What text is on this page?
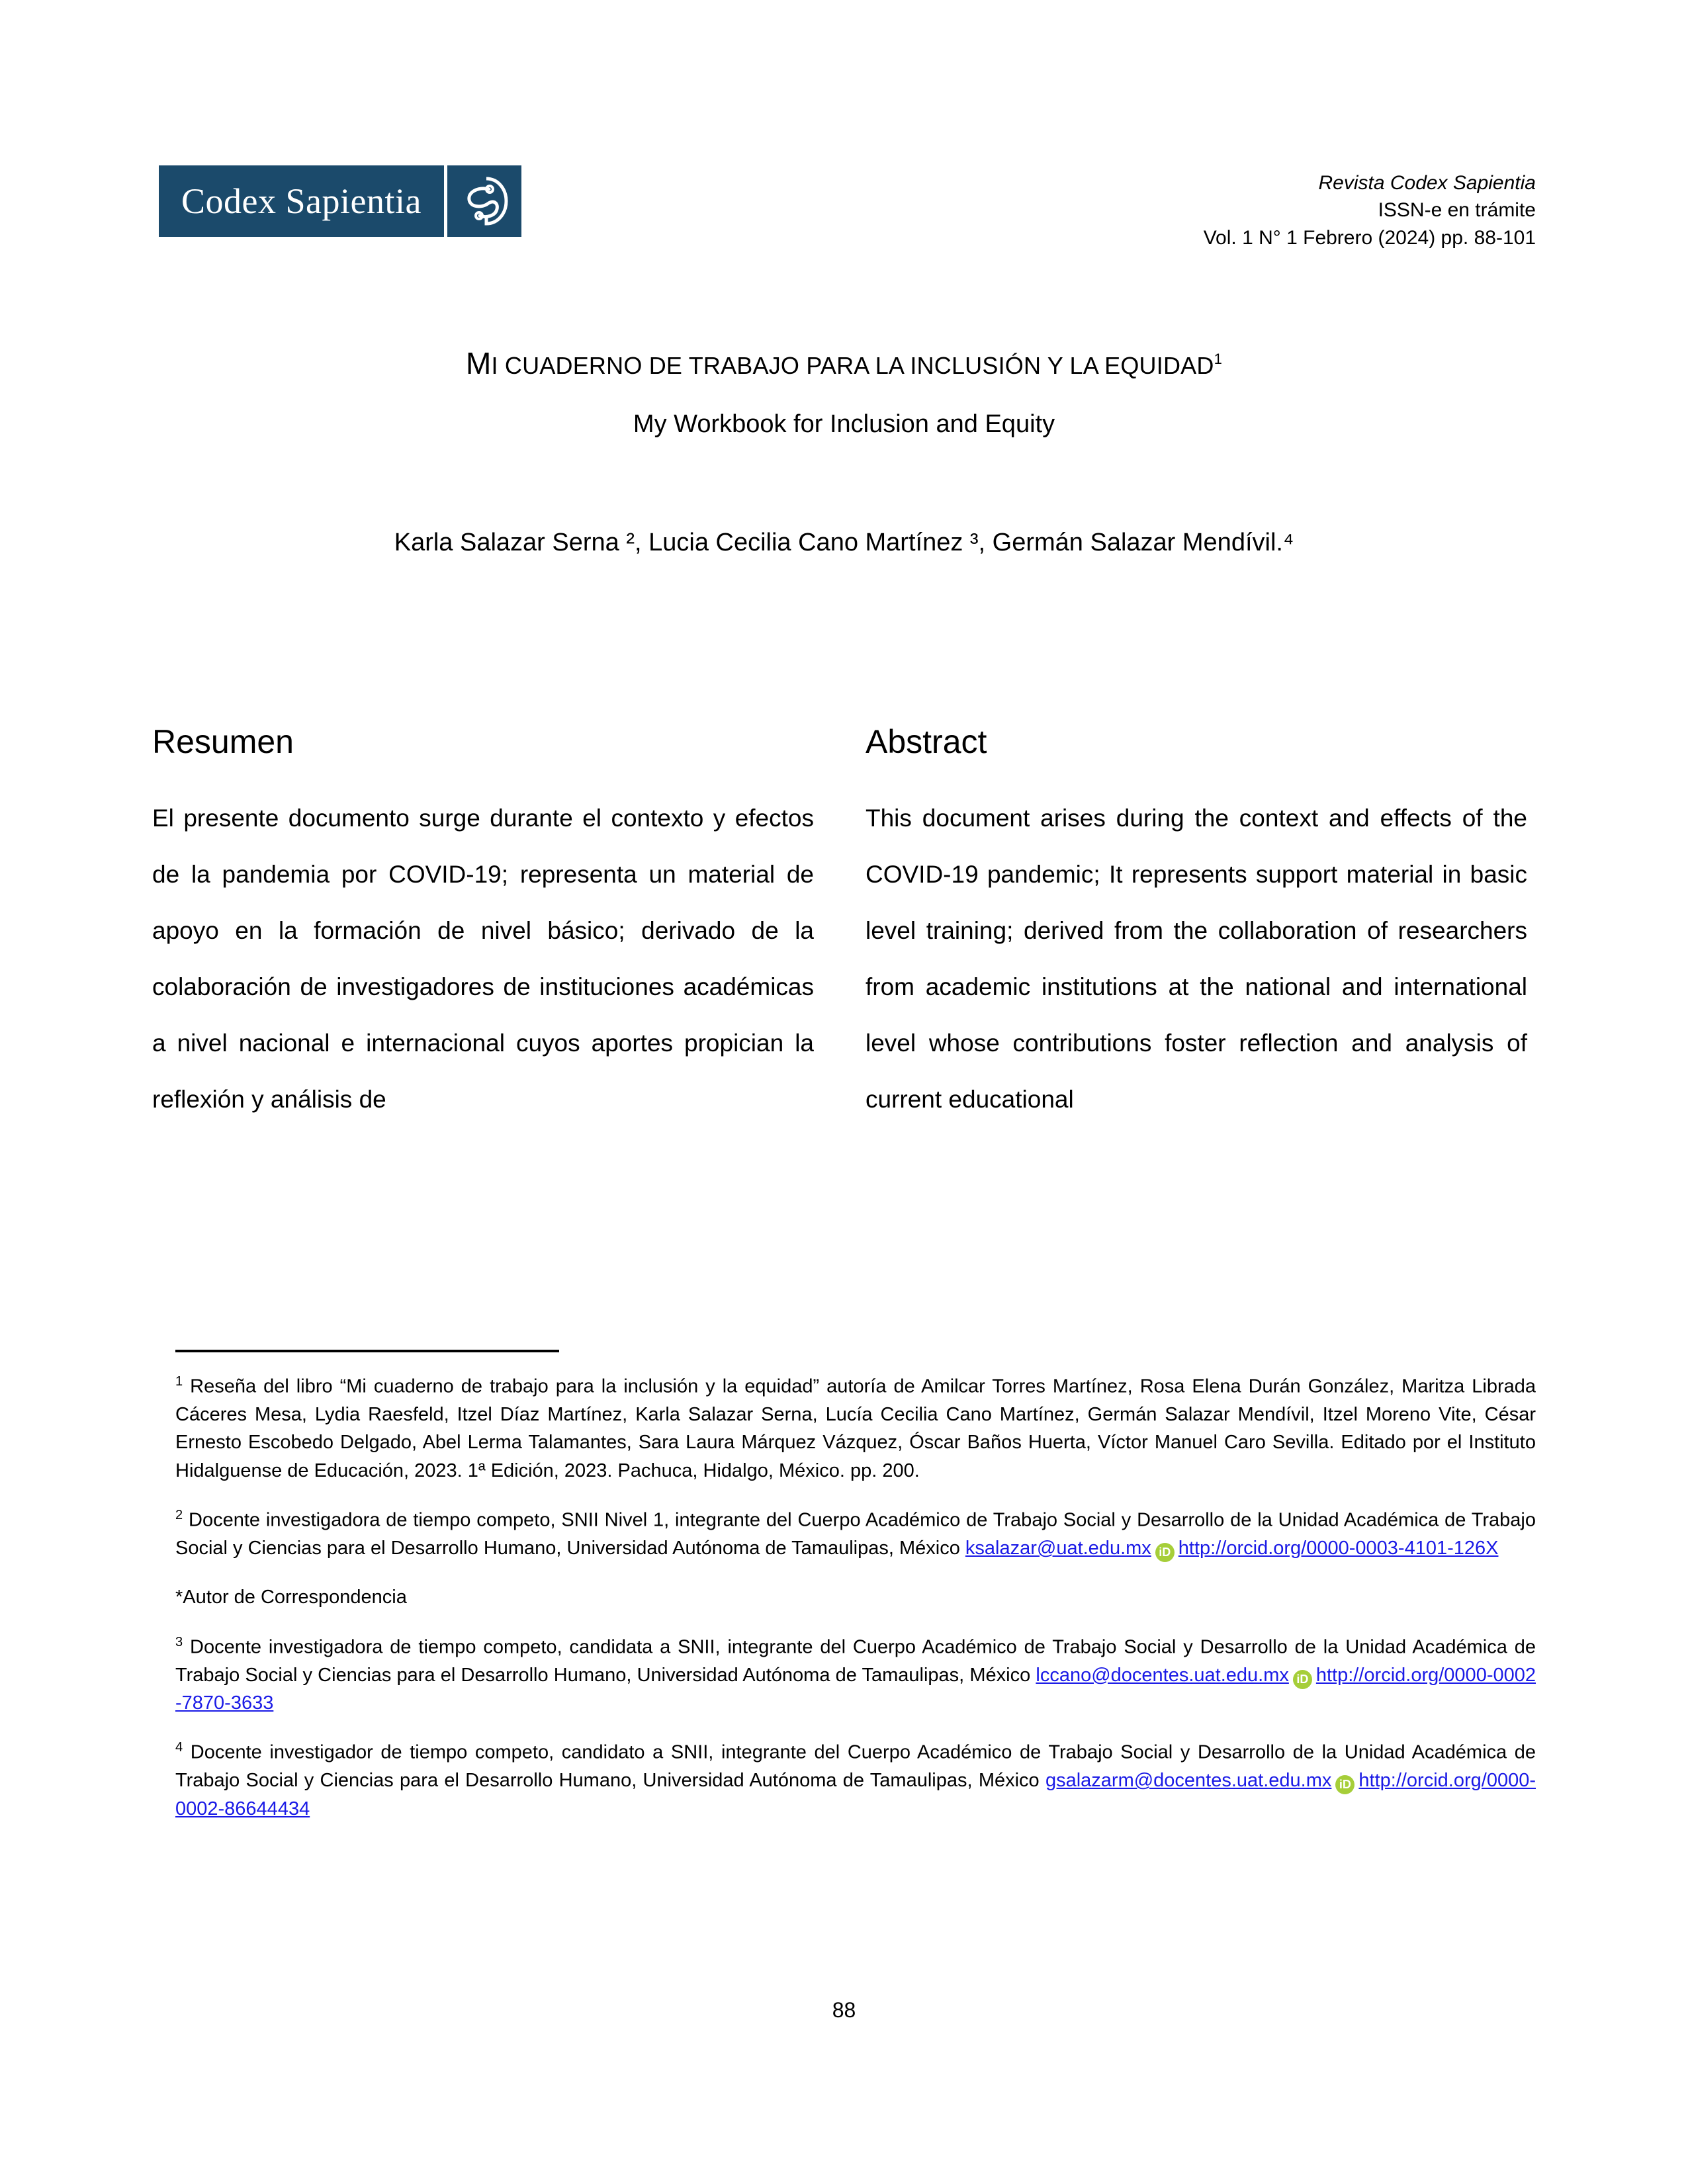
Codex Sapientia	Revista Codex Sapientia
ISSN-e en trámite
Vol. 1 N° 1 Febrero (2024) pp. 88-101
MI CUADERNO DE TRABAJO PARA LA INCLUSIÓN Y LA EQUIDAD$^1$
My Workbook for Inclusion and Equity
Karla Salazar Serna ², Lucia Cecilia Cano Martínez ³, Germán Salazar Mendívil.⁴
Resumen

El presente documento surge durante el contexto y efectos de la pandemia por COVID-19; representa un material de apoyo en la formación de nivel básico; derivado de la colaboración de investigadores de instituciones académicas a nivel nacional e internacional cuyos aportes propician la reflexión y análisis de

Abstract

This document arises during the context and effects of the COVID-19 pandemic; It represents support material in basic level training; derived from the collaboration of researchers from academic institutions at the national and international level whose contributions foster reflection and analysis of current educational

$^1$ Reseña del libro “Mi cuaderno de trabajo para la inclusión y la equidad” autoría de Amilcar Torres Martínez, Rosa Elena Durán González, Maritza Librada Cáceres Mesa, Lydia Raesfeld, Itzel Díaz Martínez, Karla Salazar Serna, Lucía Cecilia Cano Martínez, Germán Salazar Mendívil, Itzel Moreno Vite, César Ernesto Escobedo Delgado, Abel Lerma Talamantes, Sara Laura Márquez Vázquez, Óscar Baños Huerta, Víctor Manuel Caro Sevilla. Editado por el Instituto Hidalguense de Educación, 2023. 1ª Edición, 2023. Pachuca, Hidalgo, México. pp. 200.

$^2$ Docente investigadora de tiempo competo, SNII Nivel 1, integrante del Cuerpo Académico de Trabajo Social y Desarrollo de la Unidad Académica de Trabajo Social y Ciencias para el Desarrollo Humano, Universidad Autónoma de Tamaulipas, México ksalazar@uat.edu.mx iD http://orcid.org/0000-0003-4101-126X

*Autor de Correspondencia

$^3$ Docente investigadora de tiempo competo, candidata a SNII, integrante del Cuerpo Académico de Trabajo Social y Desarrollo de la Unidad Académica de Trabajo Social y Ciencias para el Desarrollo Humano, Universidad Autónoma de Tamaulipas, México lccano@docentes.uat.edu.mx iD http://orcid.org/0000-0002-7870-3633

$^4$ Docente investigador de tiempo competo, candidato a SNII, integrante del Cuerpo Académico de Trabajo Social y Desarrollo de la Unidad Académica de Trabajo Social y Ciencias para el Desarrollo Humano, Universidad Autónoma de Tamaulipas, México gsalazarm@docentes.uat.edu.mx iD http://orcid.org/0000-0002-86644434

88
